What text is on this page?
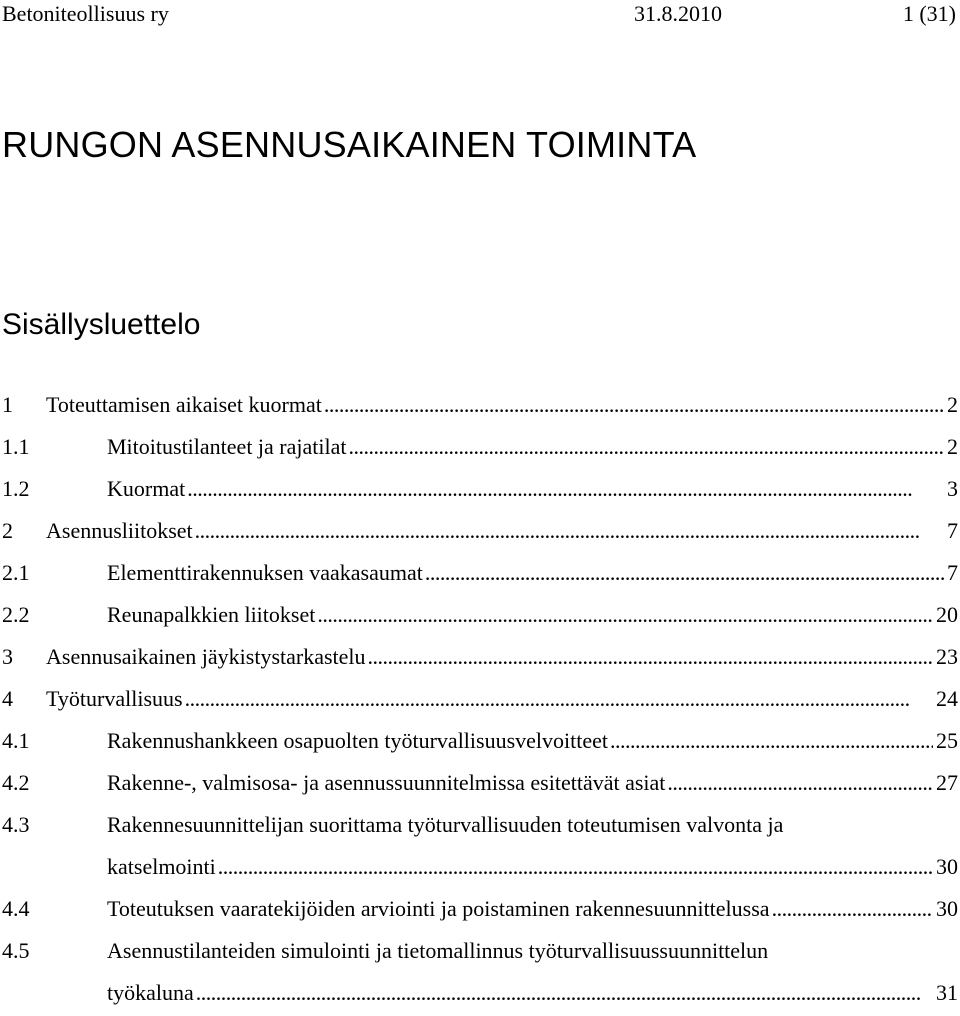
Betoniteollisuus ry	31.8.2010	1 (31)
RUNGON ASENNUSAIKAINEN TOIMINTA
Sisällysluettelo
1 Toteuttamisen aikaiset kuormat . . .	2
1.1	Mitoitustilanteet ja rajatilat . . .	2
1.2	Kuormat . . .	3
2 Asennusliitokset . . .	7
2.1	Elementtirakennuksen vaakasaumat . . .	7
2.2	Reunapalkkien liitokset . . .	20
3 Asennusaikainen jäykistystarkastelu . . .	23
4 Työturvallisuus . . .	24
4.1	Rakennushankkeen osapuolten työturvallisuusvelvoitteet . . .	25
4.2	Rakenne-, valmisosa- ja asennussuunnitelmissa esitettävät asiat . . .	27
4.3	Rakennesuunnittelijan suorittama työturvallisuuden toteutumisen valvonta ja
katselmointi . . .	30
4.4	Toteutuksen vaaratekijöiden arviointi ja poistaminen rakennesuunnittelussa . . .	30
4.5	Asennustilanteiden simulointi ja tietomallinnus työturvallisuussuunnittelun
työkaluna . . .	31
